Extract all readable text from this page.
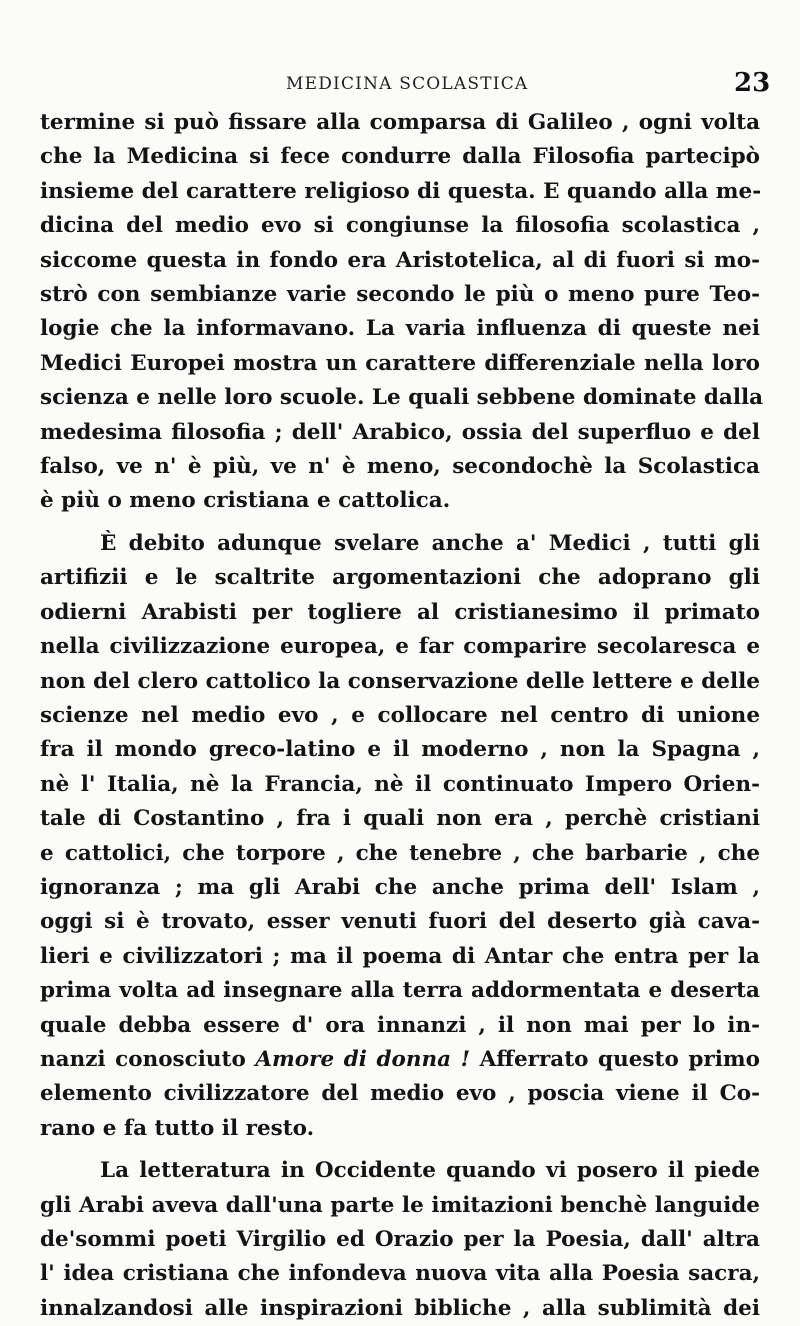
MEDICINA SCOLASTICA	23
termine si può fissare alla comparsa di Galileo , ogni volta
che la Medicina si fece condurre dalla Filosofia partecipò
insieme del carattere religioso di questa. E quando alla me-
dicina del medio evo si congiunse la filosofia scolastica ,
siccome questa in fondo era Aristotelica, al di fuori si mo-
strò con sembianze varie secondo le più o meno pure Teo-
logie che la informavano. La varia influenza di queste nei
Medici Europei mostra un carattere differenziale nella loro
scienza e nelle loro scuole. Le quali sebbene dominate dalla
medesima filosofia ; dell' Arabico, ossia del superfluo e del
falso, ve n' è più, ve n' è meno, secondochè la Scolastica
è più o meno cristiana e cattolica.
È debito adunque svelare anche a' Medici , tutti gli
artifizii e le scaltrite argomentazioni che adoprano gli
odierni Arabisti per togliere al cristianesimo il primato
nella civilizzazione europea, e far comparire secolaresca e
non del clero cattolico la conservazione delle lettere e delle
scienze nel medio evo , e collocare nel centro di unione
fra il mondo greco-latino e il moderno , non la Spagna ,
nè l' Italia, nè la Francia, nè il continuato Impero Orien-
tale di Costantino , fra i quali non era , perchè cristiani
e cattolici, che torpore , che tenebre , che barbarie , che
ignoranza ; ma gli Arabi che anche prima dell' Islam ,
oggi si è trovato, esser venuti fuori del deserto già cava-
lieri e civilizzatori ; ma il poema di Antar che entra per la
prima volta ad insegnare alla terra addormentata e deserta
quale debba essere d' ora innanzi , il non mai per lo in-
nanzi conosciuto Amore di donna ! Afferrato questo primo
elemento civilizzatore del medio evo , poscia viene il Co-
rano e fa tutto il resto.
La letteratura in Occidente quando vi posero il piede
gli Arabi aveva dall'una parte le imitazioni benchè languide
de'sommi poeti Virgilio ed Orazio per la Poesia, dall' altra
l' idea cristiana che infondeva nuova vita alla Poesia sacra,
innalzandosi alle inspirazioni bibliche , alla sublimità dei
